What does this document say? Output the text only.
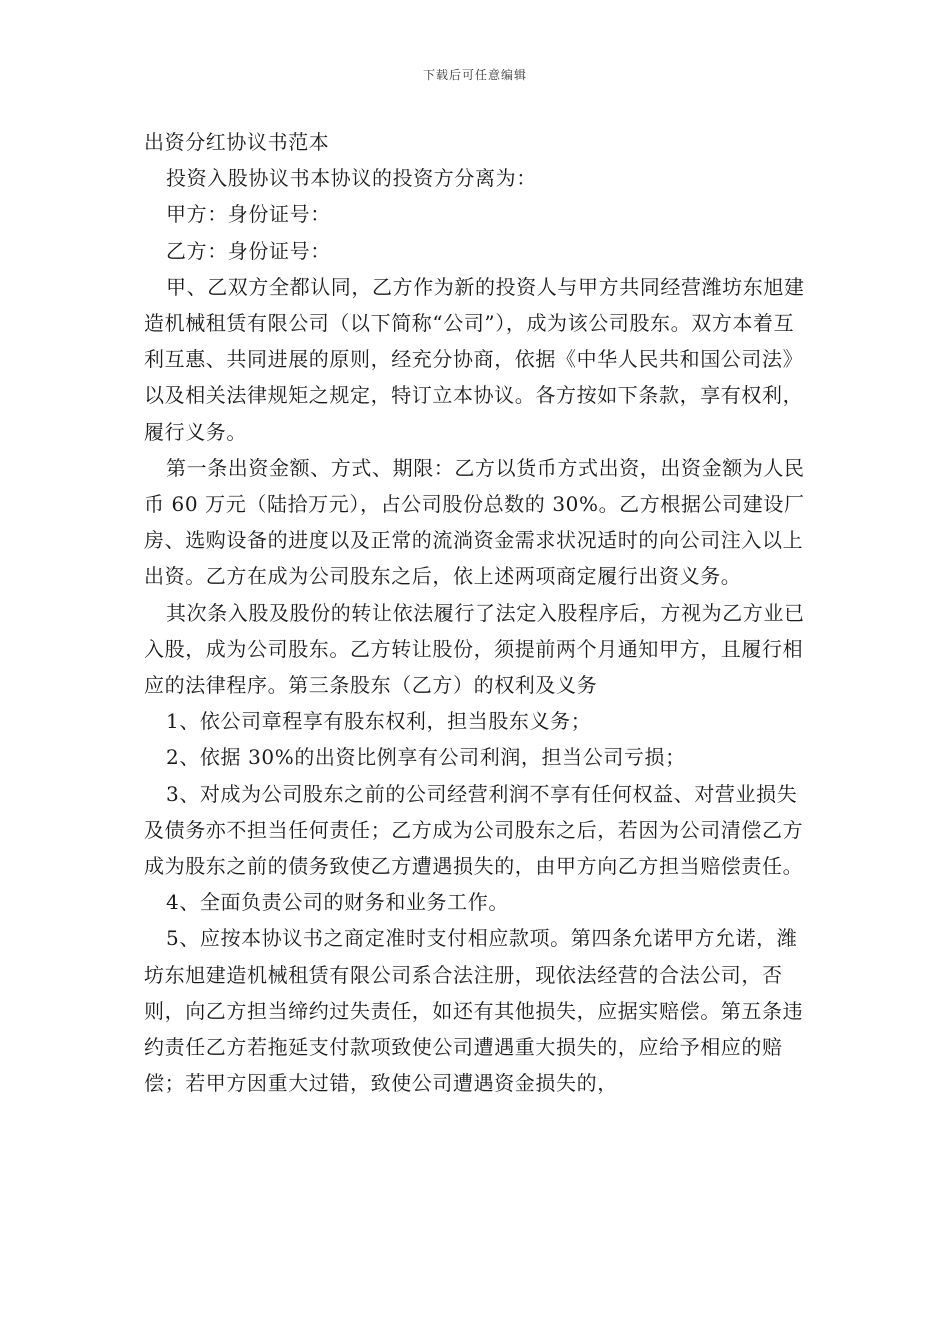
下载后可任意编辑

出资分红协议书范本

投资入股协议书本协议的投资方分离为：

甲方：身份证号：

乙方：身份证号：

甲、乙双方全都认同，乙方作为新的投资人与甲方共同经营潍坊东旭建造机械租赁有限公司（以下简称“公司”），成为该公司股东。双方本着互利互惠、共同进展的原则，经充分协商，依据《中华人民共和国公司法》以及相关法律规矩之规定，特订立本协议。各方按如下条款，享有权利，履行义务。

第一条出资金额、方式、期限：乙方以货币方式出资，出资金额为人民币 60 万元（陆拾万元），占公司股份总数的 30%。乙方根据公司建设厂房、选购设备的进度以及正常的流淌资金需求状况适时的向公司注入以上出资。乙方在成为公司股东之后，依上述两项商定履行出资义务。

其次条入股及股份的转让依法履行了法定入股程序后，方视为乙方业已入股，成为公司股东。乙方转让股份，须提前两个月通知甲方，且履行相应的法律程序。第三条股东（乙方）的权利及义务

1、依公司章程享有股东权利，担当股东义务；

2、依据 30%的出资比例享有公司利润，担当公司亏损；

3、对成为公司股东之前的公司经营利润不享有任何权益、对营业损失及债务亦不担当任何责任；乙方成为公司股东之后，若因为公司清偿乙方成为股东之前的债务致使乙方遭遇损失的，由甲方向乙方担当赔偿责任。

4、全面负责公司的财务和业务工作。

5、应按本协议书之商定准时支付相应款项。第四条允诺甲方允诺，潍坊东旭建造机械租赁有限公司系合法注册，现依法经营的合法公司，否则，向乙方担当缔约过失责任，如还有其他损失，应据实赔偿。第五条违约责任乙方若拖延支付款项致使公司遭遇重大损失的，应给予相应的赔偿；若甲方因重大过错，致使公司遭遇资金损失的，
